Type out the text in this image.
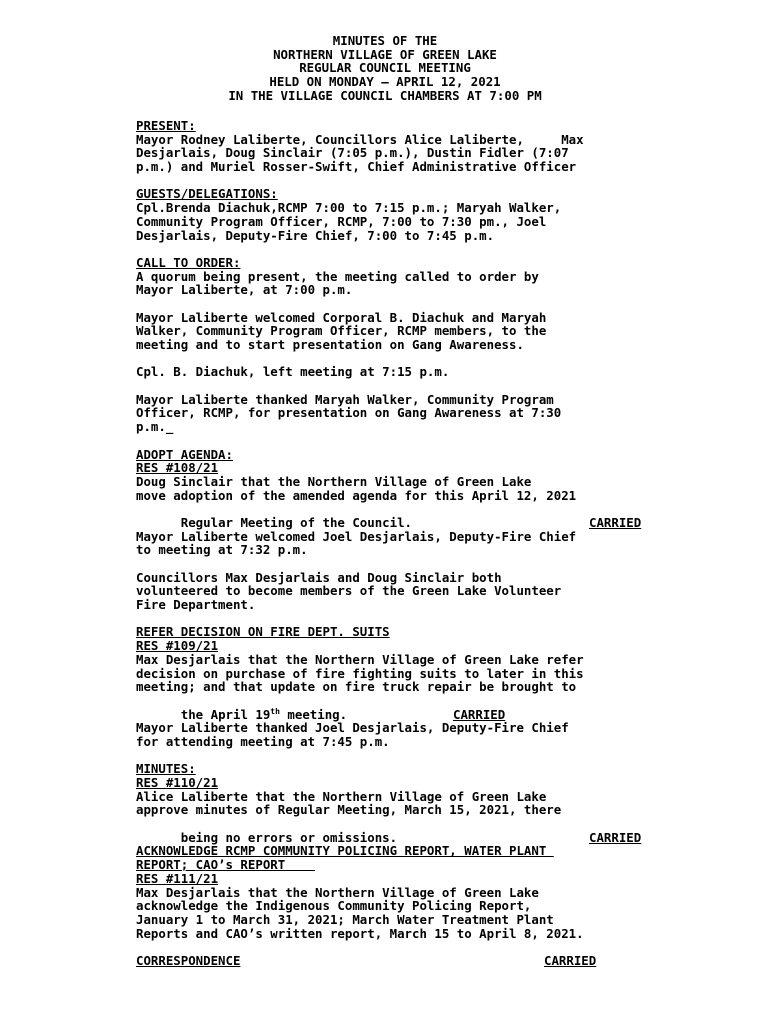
MINUTES OF THE
NORTHERN VILLAGE OF GREEN LAKE
REGULAR COUNCIL MEETING
HELD ON MONDAY – APRIL 12, 2021
IN THE VILLAGE COUNCIL CHAMBERS AT 7:00 PM
PRESENT:
Mayor Rodney Laliberte, Councillors Alice Laliberte,     Max
Desjarlais, Doug Sinclair (7:05 p.m.), Dustin Fidler (7:07
p.m.) and Muriel Rosser-Swift, Chief Administrative Officer
GUESTS/DELEGATIONS:
Cpl.Brenda Diachuk,RCMP 7:00 to 7:15 p.m.; Maryah Walker,
Community Program Officer, RCMP, 7:00 to 7:30 pm., Joel
Desjarlais, Deputy-Fire Chief, 7:00 to 7:45 p.m.
CALL TO ORDER:
A quorum being present, the meeting called to order by
Mayor Laliberte, at 7:00 p.m.
Mayor Laliberte welcomed Corporal B. Diachuk and Maryah
Walker, Community Program Officer, RCMP members, to the
meeting and to start presentation on Gang Awareness.
Cpl. B. Diachuk, left meeting at 7:15 p.m.
Mayor Laliberte thanked Maryah Walker, Community Program
Officer, RCMP, for presentation on Gang Awareness at 7:30
p.m._
ADOPT AGENDA:
RES #108/21
Doug Sinclair that the Northern Village of Green Lake
move adoption of the amended agenda for this April 12, 2021

Regular Meeting of the Council.	CARRIED

Mayor Laliberte welcomed Joel Desjarlais, Deputy-Fire Chief
to meeting at 7:32 p.m.
Councillors Max Desjarlais and Doug Sinclair both
volunteered to become members of the Green Lake Volunteer
Fire Department.
REFER DECISION ON FIRE DEPT. SUITS
RES #109/21
Max Desjarlais that the Northern Village of Green Lake refer
decision on purchase of fire fighting suits to later in this
meeting; and that update on fire truck repair be brought to

the April 19th meeting.	CARRIED

Mayor Laliberte thanked Joel Desjarlais, Deputy-Fire Chief
for attending meeting at 7:45 p.m.
MINUTES:
RES #110/21
Alice Laliberte that the Northern Village of Green Lake
approve minutes of Regular Meeting, March 15, 2021, there

being no errors or omissions.	CARRIED

ACKNOWLEDGE RCMP COMMUNITY POLICING REPORT, WATER PLANT
REPORT; CAO’s REPORT
RES #111/21
Max Desjarlais that the Northern Village of Green Lake
acknowledge the Indigenous Community Policing Report,
January 1 to March 31, 2021; March Water Treatment Plant
Reports and CAO’s written report, March 15 to April 8, 2021.

CARRIED

CORRESPONDENCE
